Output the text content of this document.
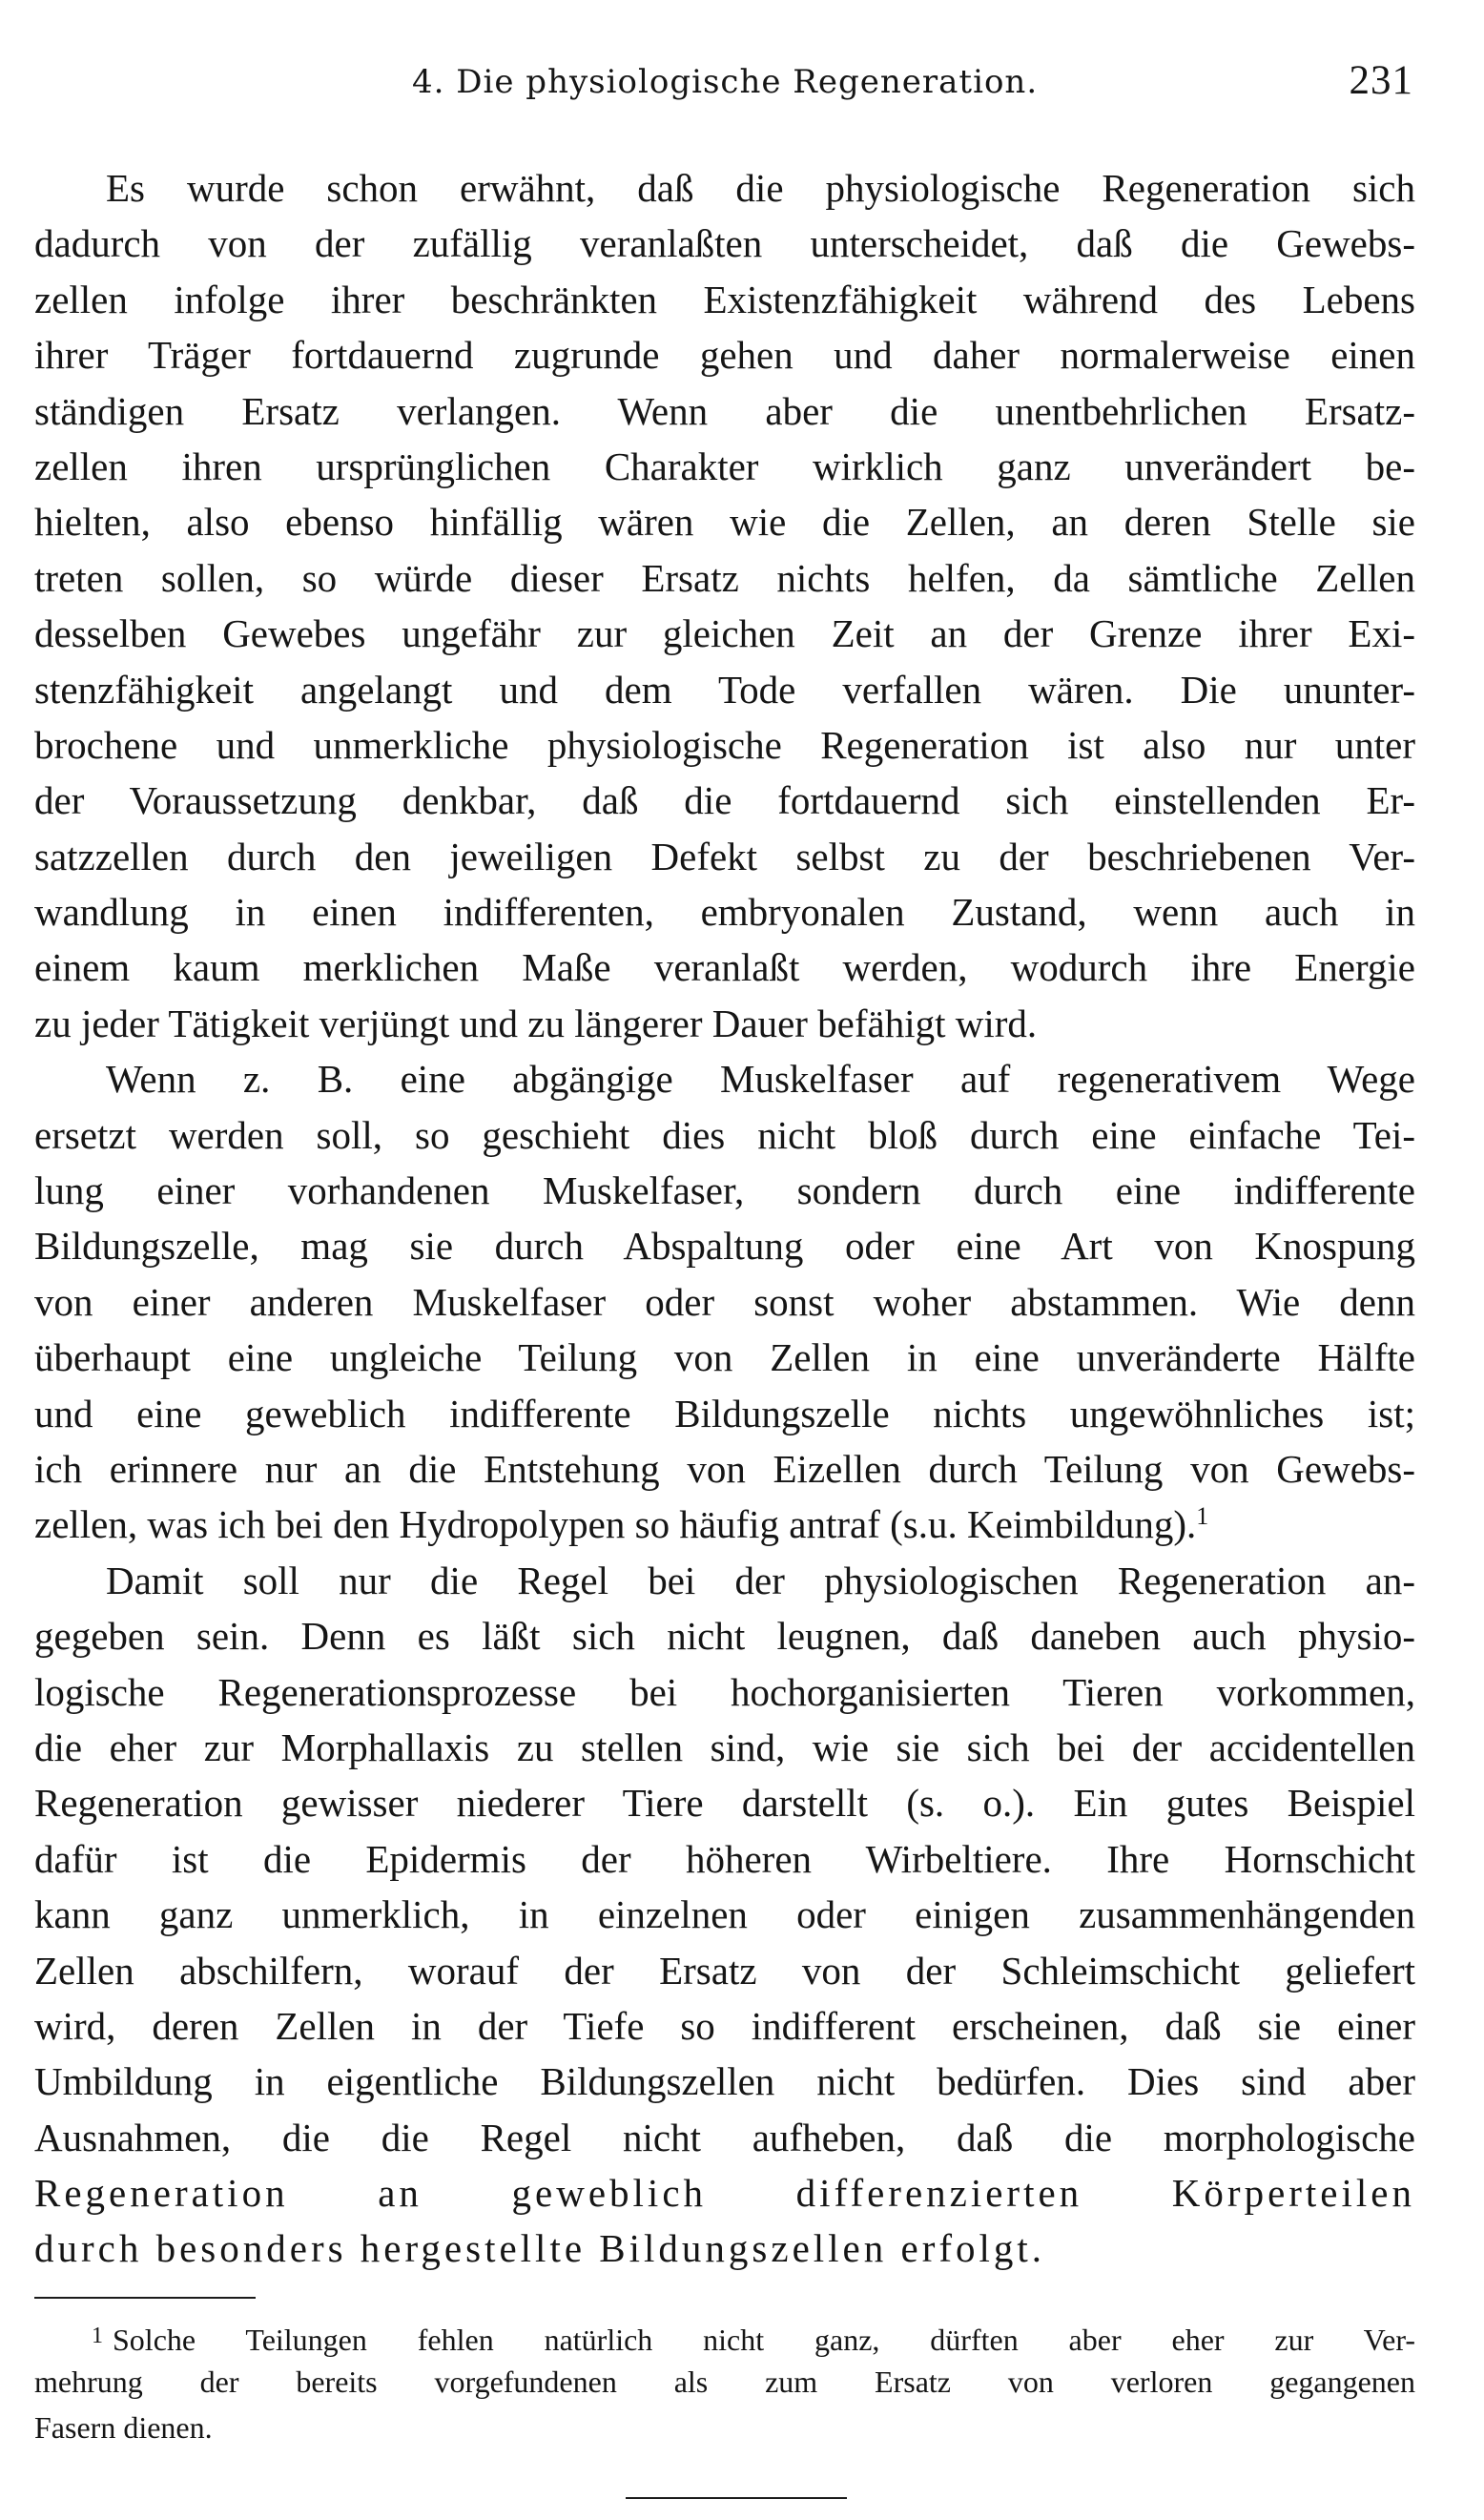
4. Die physiologische Regeneration.	231
Es wurde schon erwähnt, daß die physiologische Regeneration sich
dadurch von der zufällig veranlaßten unterscheidet, daß die Gewebs-
zellen infolge ihrer beschränkten Existenzfähigkeit während des Lebens
ihrer Träger fortdauernd zugrunde gehen und daher normalerweise einen
ständigen Ersatz verlangen. Wenn aber die unentbehrlichen Ersatz-
zellen ihren ursprünglichen Charakter wirklich ganz unverändert be-
hielten, also ebenso hinfällig wären wie die Zellen, an deren Stelle sie
treten sollen, so würde dieser Ersatz nichts helfen, da sämtliche Zellen
desselben Gewebes ungefähr zur gleichen Zeit an der Grenze ihrer Exi-
stenzfähigkeit angelangt und dem Tode verfallen wären. Die ununter-
brochene und unmerkliche physiologische Regeneration ist also nur unter
der Voraussetzung denkbar, daß die fortdauernd sich einstellenden Er-
satzzellen durch den jeweiligen Defekt selbst zu der beschriebenen Ver-
wandlung in einen indifferenten, embryonalen Zustand, wenn auch in
einem kaum merklichen Maße veranlaßt werden, wodurch ihre Energie
zu jeder Tätigkeit verjüngt und zu längerer Dauer befähigt wird.
Wenn z. B. eine abgängige Muskelfaser auf regenerativem Wege
ersetzt werden soll, so geschieht dies nicht bloß durch eine einfache Tei-
lung einer vorhandenen Muskelfaser, sondern durch eine indifferente
Bildungszelle, mag sie durch Abspaltung oder eine Art von Knospung
von einer anderen Muskelfaser oder sonst woher abstammen. Wie denn
überhaupt eine ungleiche Teilung von Zellen in eine unveränderte Hälfte
und eine geweblich indifferente Bildungszelle nichts ungewöhnliches ist;
ich erinnere nur an die Entstehung von Eizellen durch Teilung von Gewebs-
zellen, was ich bei den Hydropolypen so häufig antraf (s.u. Keimbildung).$^1$
Damit soll nur die Regel bei der physiologischen Regeneration an-
gegeben sein. Denn es läßt sich nicht leugnen, daß daneben auch physio-
logische Regenerationsprozesse bei hochorganisierten Tieren vorkommen,
die eher zur Morphallaxis zu stellen sind, wie sie sich bei der accidentellen
Regeneration gewisser niederer Tiere darstellt (s. o.). Ein gutes Beispiel
dafür ist die Epidermis der höheren Wirbeltiere. Ihre Hornschicht
kann ganz unmerklich, in einzelnen oder einigen zusammenhängenden
Zellen abschilfern, worauf der Ersatz von der Schleimschicht geliefert
wird, deren Zellen in der Tiefe so indifferent erscheinen, daß sie einer
Umbildung in eigentliche Bildungszellen nicht bedürfen. Dies sind aber
Ausnahmen, die die Regel nicht aufheben, daß die morphologische
Regeneration an geweblich differenzierten Körperteilen
durch besonders hergestellte Bildungszellen erfolgt.
$^1$ Solche Teilungen fehlen natürlich nicht ganz, dürften aber eher zur Ver-
mehrung der bereits vorgefundenen als zum Ersatz von verloren gegangenen
Fasern dienen.
